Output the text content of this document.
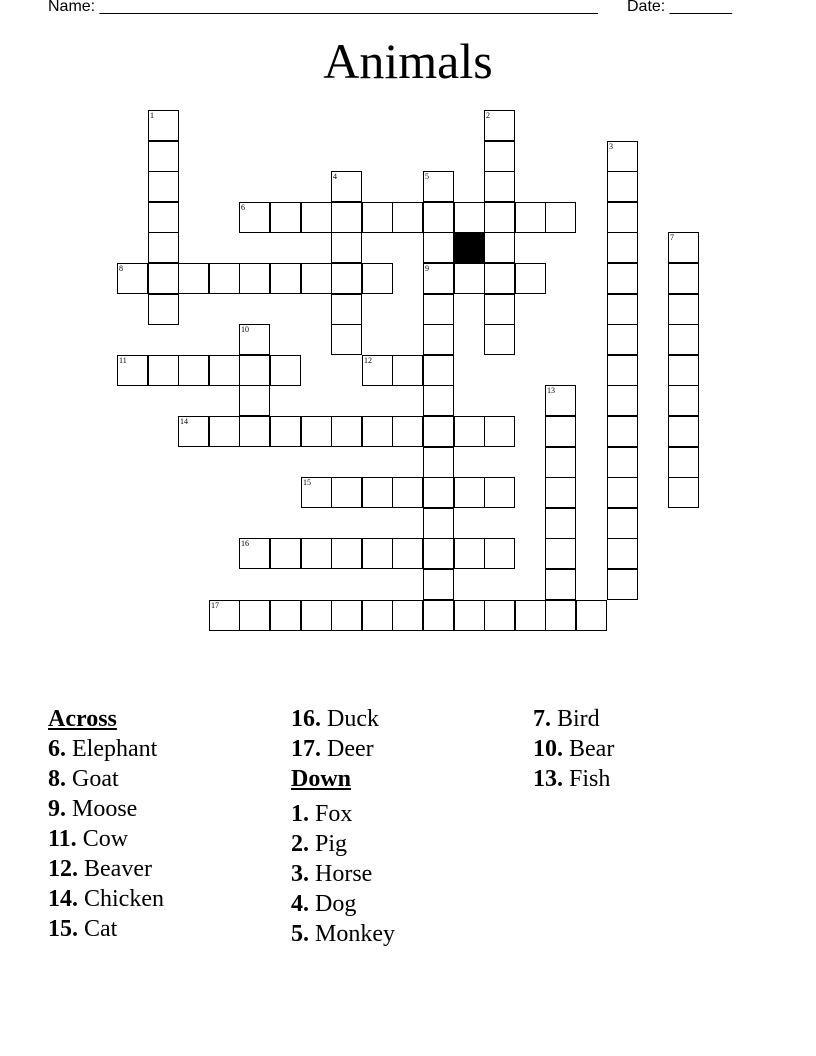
Name: ________________________________________________________ Date: _______
Animals
6
8	9
11	12
14
15
16
17
1	2
3
4	5
7
10
13
Across
6. Elephant
8. Goat
9. Moose
11. Cow
12. Beaver
14. Chicken
15. Cat
16. Duck
17. Deer
Down
1. Fox
2. Pig
3. Horse
4. Dog
5. Monkey
7. Bird
10. Bear
13. Fish
